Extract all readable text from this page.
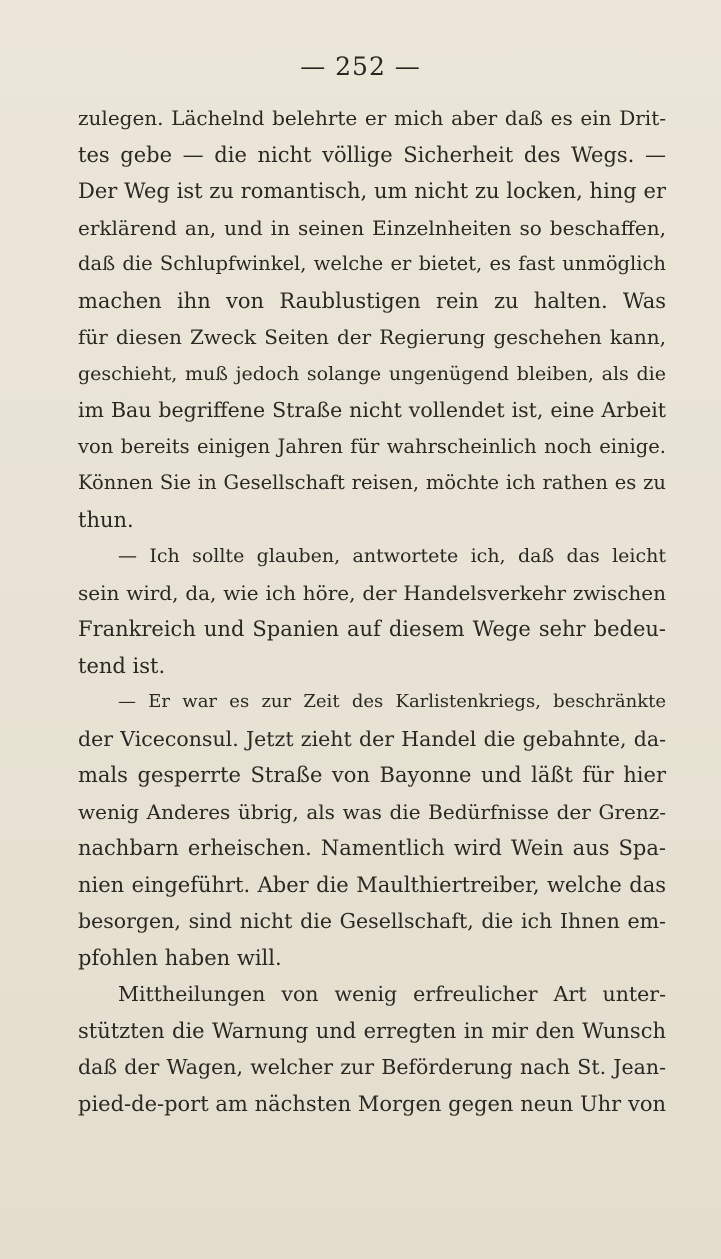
— 252 —
zulegen. Lächelnd belehrte er mich aber daß es ein Drit-
tes gebe — die nicht völlige Sicherheit des Wegs. —
Der Weg ist zu romantisch, um nicht zu locken, hing er
erklärend an, und in seinen Einzelnheiten so beschaffen,
daß die Schlupfwinkel, welche er bietet, es fast unmöglich
machen ihn von Raublustigen rein zu halten. Was
für diesen Zweck Seiten der Regierung geschehen kann,
geschieht, muß jedoch solange ungenügend bleiben, als die
im Bau begriffene Straße nicht vollendet ist, eine Arbeit
von bereits einigen Jahren für wahrscheinlich noch einige.
Können Sie in Gesellschaft reisen, möchte ich rathen es zu
thun.
— Ich sollte glauben, antwortete ich, daß das leicht
sein wird, da, wie ich höre, der Handelsverkehr zwischen
Frankreich und Spanien auf diesem Wege sehr bedeu-
tend ist.
— Er war es zur Zeit des Karlistenkriegs, beschränkte
der Viceconsul. Jetzt zieht der Handel die gebahnte, da-
mals gesperrte Straße von Bayonne und läßt für hier
wenig Anderes übrig, als was die Bedürfnisse der Grenz-
nachbarn erheischen. Namentlich wird Wein aus Spa-
nien eingeführt. Aber die Maulthiertreiber, welche das
besorgen, sind nicht die Gesellschaft, die ich Ihnen em-
pfohlen haben will.
Mittheilungen von wenig erfreulicher Art unter-
stützten die Warnung und erregten in mir den Wunsch
daß der Wagen, welcher zur Beförderung nach St. Jean-
pied-de-port am nächsten Morgen gegen neun Uhr von
